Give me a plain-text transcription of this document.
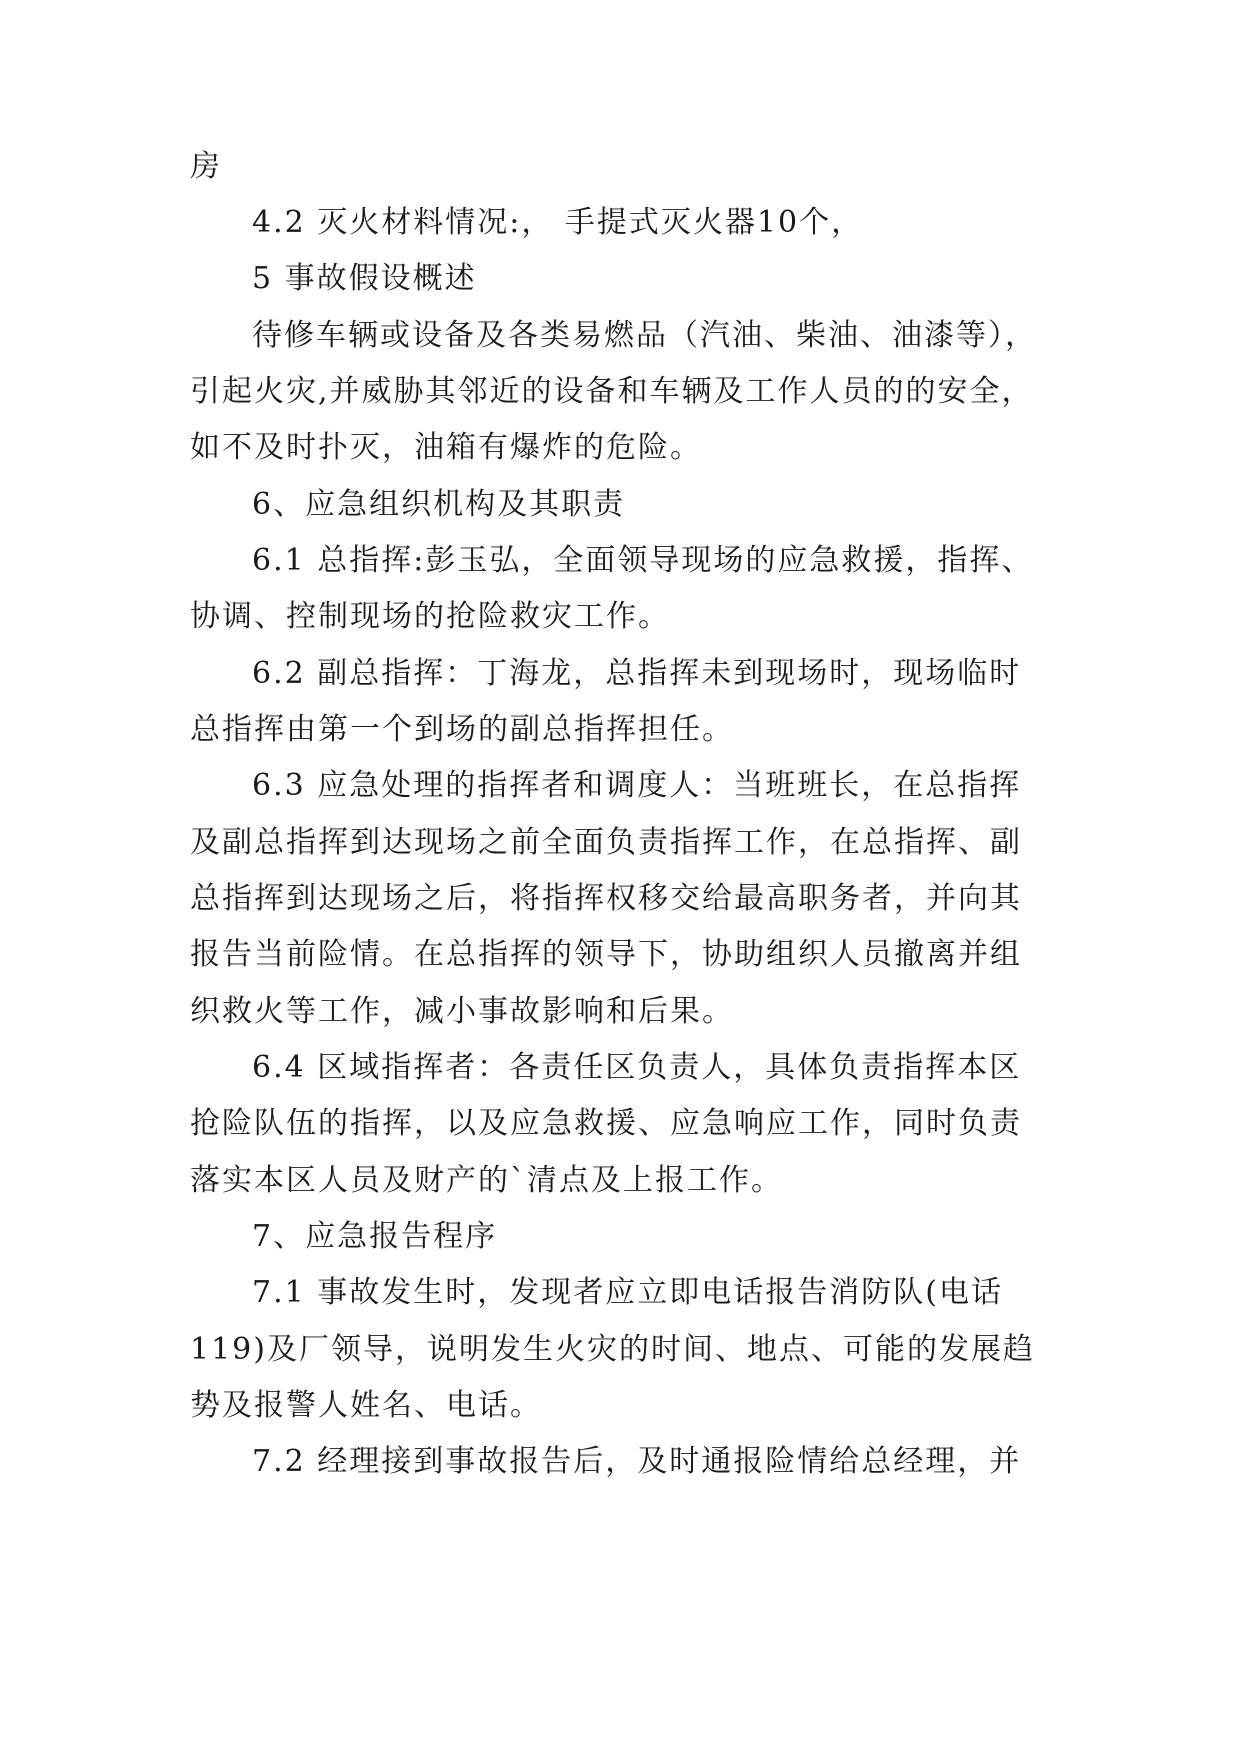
房
4.2 灭火材料情况:， 手提式灭火器10个，
5 事故假设概述
待修车辆或设备及各类易燃品（汽油、柴油、油漆等），
引起火灾,并威胁其邻近的设备和车辆及工作人员的的安全，
如不及时扑灭，油箱有爆炸的危险。
6、应急组织机构及其职责
6.1 总指挥:彭玉弘，全面领导现场的应急救援，指挥、
协调、控制现场的抢险救灾工作。
6.2 副总指挥：丁海龙，总指挥未到现场时，现场临时
总指挥由第一个到场的副总指挥担任。
6.3 应急处理的指挥者和调度人：当班班长，在总指挥
及副总指挥到达现场之前全面负责指挥工作，在总指挥、副
总指挥到达现场之后，将指挥权移交给最高职务者，并向其
报告当前险情。在总指挥的领导下，协助组织人员撤离并组
织救火等工作，减小事故影响和后果。
6.4 区域指挥者：各责任区负责人，具体负责指挥本区
抢险队伍的指挥，以及应急救援、应急响应工作，同时负责
落实本区人员及财产的`清点及上报工作。
7、应急报告程序
7.1 事故发生时，发现者应立即电话报告消防队(电话
119)及厂领导，说明发生火灾的时间、地点、可能的发展趋
势及报警人姓名、电话。
7.2 经理接到事故报告后，及时通报险情给总经理，并
